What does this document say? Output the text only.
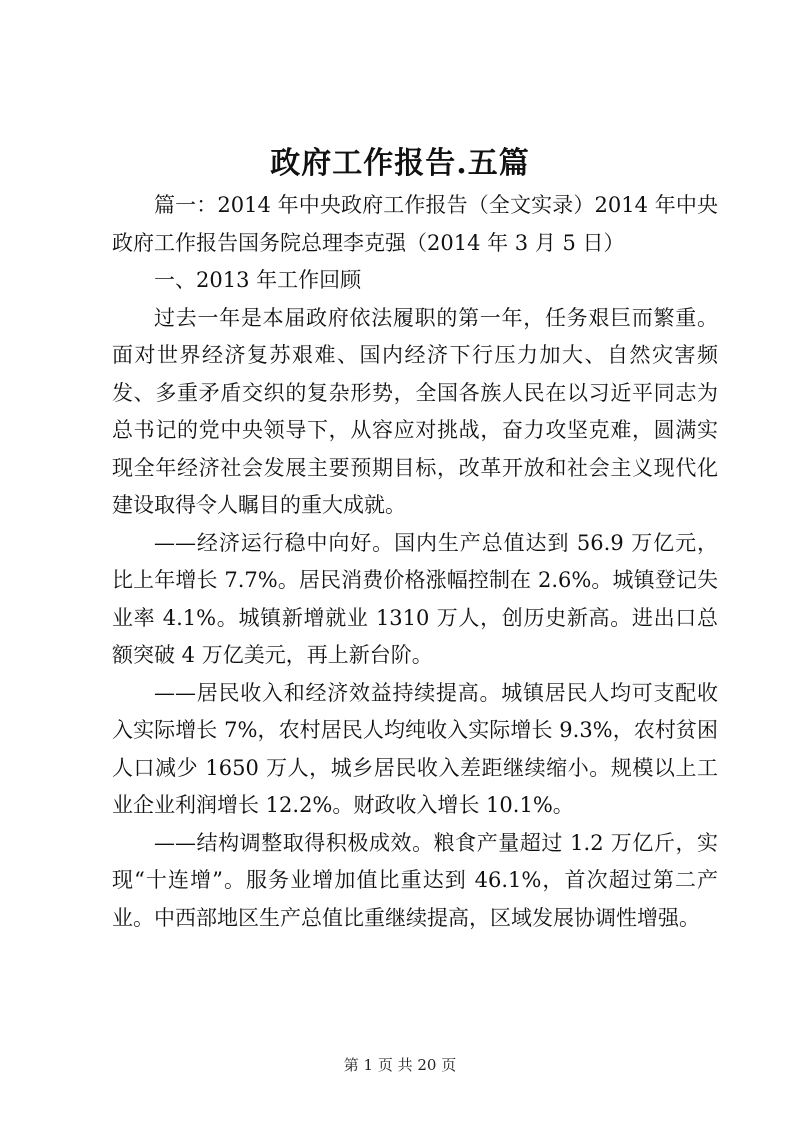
政府工作报告.五篇

篇一：2014 年中央政府工作报告（全文实录）2014 年中央政府工作报告国务院总理李克强（2014 年 3 月 5 日）

一、2013 年工作回顾

过去一年是本届政府依法履职的第一年，任务艰巨而繁重。面对世界经济复苏艰难、国内经济下行压力加大、自然灾害频发、多重矛盾交织的复杂形势，全国各族人民在以习近平同志为总书记的党中央领导下，从容应对挑战，奋力攻坚克难，圆满实现全年经济社会发展主要预期目标，改革开放和社会主义现代化建设取得令人瞩目的重大成就。

——经济运行稳中向好。国内生产总值达到 56.9 万亿元，比上年增长 7.7%。居民消费价格涨幅控制在 2.6%。城镇登记失业率 4.1%。城镇新增就业 1310 万人，创历史新高。进出口总额突破 4 万亿美元，再上新台阶。

——居民收入和经济效益持续提高。城镇居民人均可支配收入实际增长 7%，农村居民人均纯收入实际增长 9.3%，农村贫困人口减少 1650 万人，城乡居民收入差距继续缩小。规模以上工业企业利润增长 12.2%。财政收入增长 10.1%。

——结构调整取得积极成效。粮食产量超过 1.2 万亿斤，实现“十连增”。服务业增加值比重达到 46.1%，首次超过第二产业。中西部地区生产总值比重继续提高，区域发展协调性增强。

第 1 页 共 20 页
